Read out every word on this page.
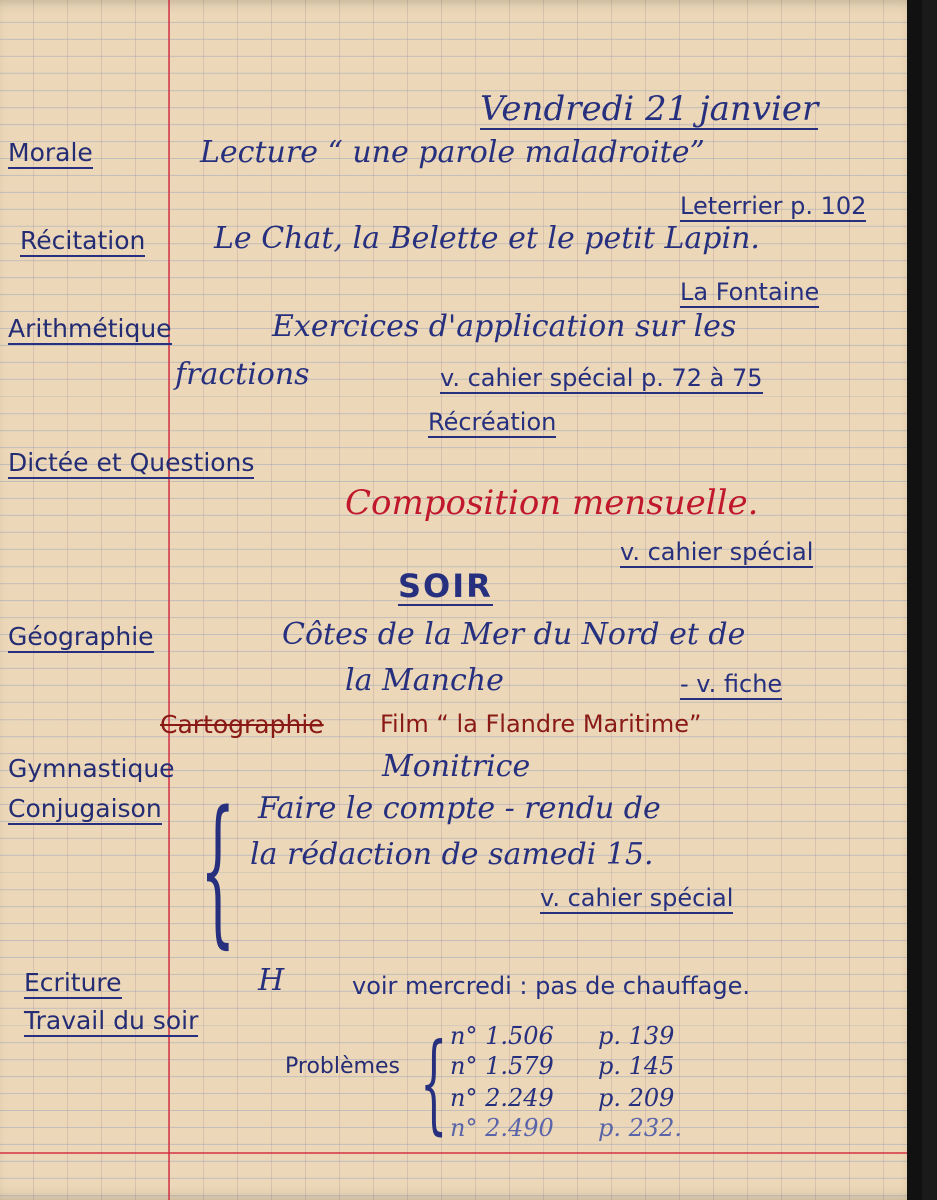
Vendredi 21 janvier
Morale	Lecture “ une parole maladroite”
Leterrier p. 102
Récitation Le Chat, la Belette et le petit Lapin.
La Fontaine
Arithmétique	Exercices d'application sur les
fractions	v. cahier spécial p. 72 à 75
Récréation
Dictée et Questions
Composition mensuelle.
v. cahier spécial
SOIR
Géographie	Côtes de la Mer du Nord et de
la Manche	- v. fiche
Cartographie Film “ la Flandre Maritime”
Gymnastique	Monitrice
Conjugaison { Faire le compte - rendu de
la rédaction de samedi 15.
v. cahier spécial
Ecriture	H	voir mercredi : pas de chauffage.
Travail du soir
Problèmes { n° 1.506 p. 139
n° 1.579 p. 145
n° 2.249 p. 209
n° 2.490 p. 232.
